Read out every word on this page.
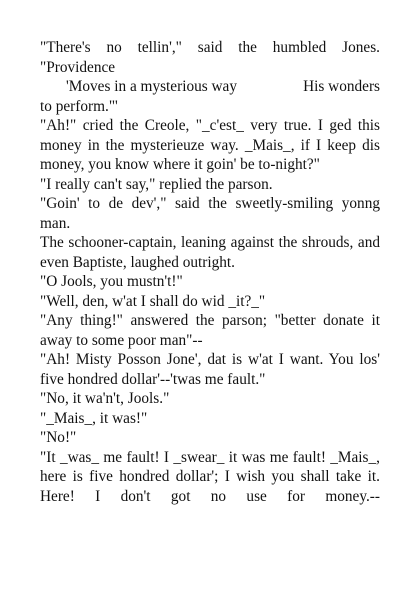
"There's no tellin'," said the humbled Jones. "Providence

'Moves in a mysterious way	His wonders

to perform."'

"Ah!" cried the Creole, "_c'est_ very true. I ged this money in the mysterieuze way. _Mais_, if I keep dis money, you know where it goin' be to-night?"

"I really can't say," replied the parson.

"Goin' to de dev'," said the sweetly-smiling yonng man.

The schooner-captain, leaning against the shrouds, and even Baptiste, laughed outright.

"O Jools, you mustn't!"

"Well, den, w'at I shall do wid _it?_"

"Any thing!" answered the parson; "better donate it away to some poor man"--

"Ah! Misty Posson Jone', dat is w'at I want. You los' five hondred dollar'--'twas me fault."

"No, it wa'n't, Jools."

"_Mais_, it was!"

"No!"

"It _was_ me fault! I _swear_ it was me fault! _Mais_, here is five hondred dollar'; I wish you shall take it. Here! I don't got no use for money.--
